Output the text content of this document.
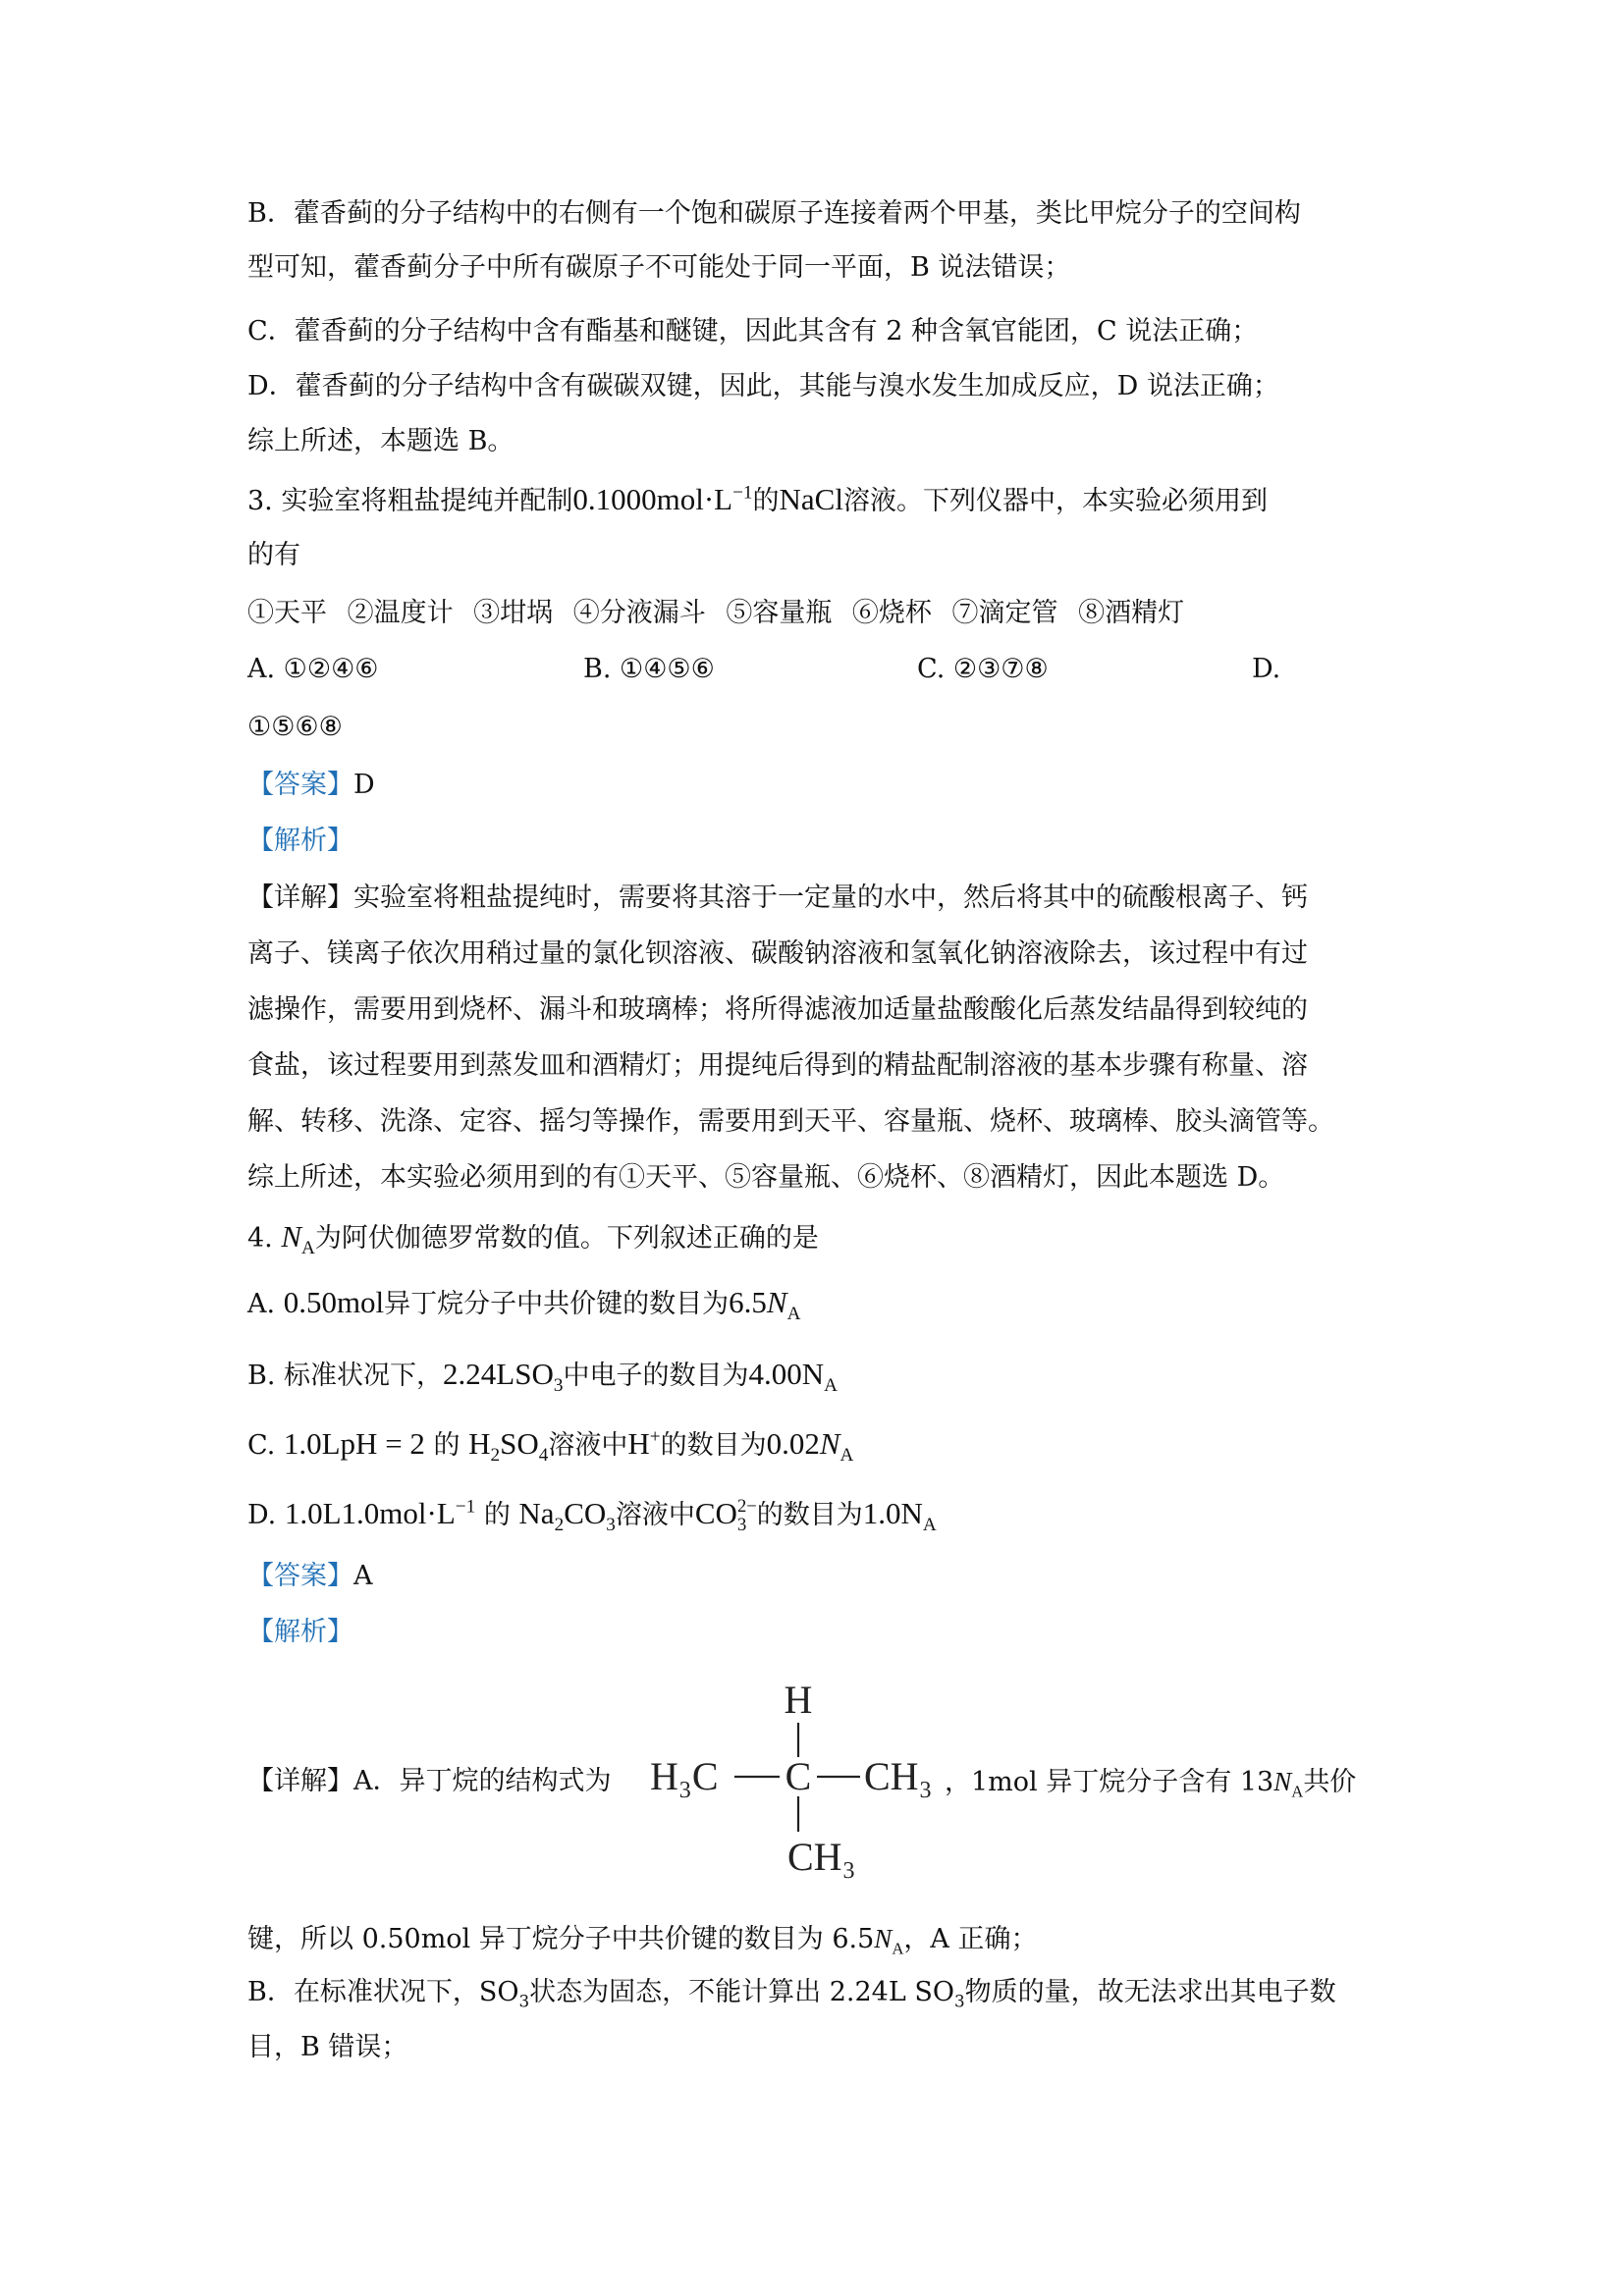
B．藿香蓟的分子结构中的右侧有一个饱和碳原子连接着两个甲基，类比甲烷分子的空间构
型可知，藿香蓟分子中所有碳原子不可能处于同一平面，B 说法错误；
C．藿香蓟的分子结构中含有酯基和醚键，因此其含有 2 种含氧官能团，C 说法正确；
D．藿香蓟的分子结构中含有碳碳双键，因此，其能与溴水发生加成反应，D 说法正确；
综上所述，本题选 B。
3. 实验室将粗盐提纯并配制$0.1000mol\cdot L^{-1}$的NaCl溶液。下列仪器中，本实验必须用到
的有
①天平 ②温度计 ③坩埚 ④分液漏斗 ⑤容量瓶 ⑥烧杯 ⑦滴定管 ⑧酒精灯
A. ①②④⑥	B. ①④⑤⑥	C. ②③⑦⑧	D.
①⑤⑥⑧
【答案】D
【解析】
【详解】实验室将粗盐提纯时，需要将其溶于一定量的水中，然后将其中的硫酸根离子、钙
离子、镁离子依次用稍过量的氯化钡溶液、碳酸钠溶液和氢氧化钠溶液除去，该过程中有过
滤操作，需要用到烧杯、漏斗和玻璃棒；将所得滤液加适量盐酸酸化后蒸发结晶得到较纯的
食盐，该过程要用到蒸发皿和酒精灯；用提纯后得到的精盐配制溶液的基本步骤有称量、溶
解、转移、洗涤、定容、摇匀等操作，需要用到天平、容量瓶、烧杯、玻璃棒、胶头滴管等。
综上所述，本实验必须用到的有①天平、⑤容量瓶、⑥烧杯、⑧酒精灯，因此本题选 D。
4. $N_A$为阿伏伽德罗常数的值。下列叙述正确的是
A. 0.50mol异丁烷分子中共价键的数目为$6.5N_A$
B. 标准状况下，$2.24LSO_3$中电子的数目为$4.00N_A$
C. 1.0LpH = 2 的 $H_2SO_4$溶液中H+的数目为$0.02N_A$
D. $1.0L1.0mol\cdot L^{-1}$ 的 $Na_2CO_3$溶液中CO 2−
3 的数目为$1.0N_A$
【答案】A
【解析】
【详解】A．异丁烷的结构式为
H
H₃C C CH₃
CH₃
，1mol 异丁烷分子含有 $13N_A$共价
键，所以 0.50mol 异丁烷分子中共价键的数目为 $6.5N_A$，A 正确；
B．在标准状况下，$SO_3$状态为固态，不能计算出 2.24L $SO_3$物质的量，故无法求出其电子数
目，B 错误；
